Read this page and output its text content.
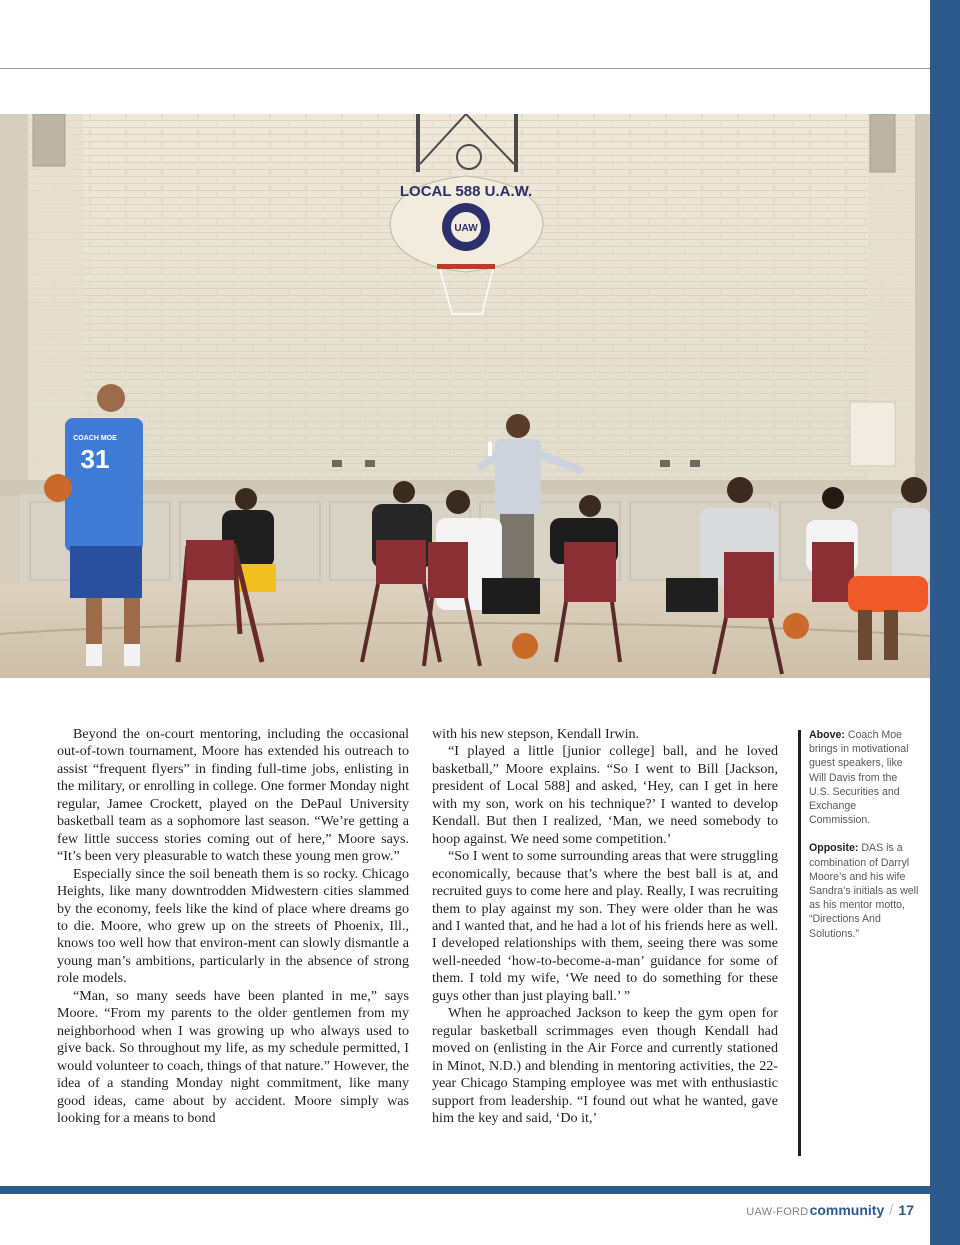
UAW
LOCAL 588 U.A.W.
31
COACH MOE

Beyond the on-court mentoring, including the occasional out-of-town tournament, Moore has extended his outreach to assist “frequent flyers” in finding full-time jobs, enlisting in the military, or enrolling in college. One former Monday night regular, Jamee Crockett, played on the DePaul University basketball team as a sophomore last season. “We’re getting a few little success stories coming out of here,” Moore says. “It’s been very pleasurable to watch these young men grow.”

Especially since the soil beneath them is so rocky. Chicago Heights, like many downtrodden Midwestern cities slammed by the economy, feels like the kind of place where dreams go to die. Moore, who grew up on the streets of Phoenix, Ill., knows too well how that environ-ment can slowly dismantle a young man’s ambitions, particularly in the absence of strong role models.

“Man, so many seeds have been planted in me,” says Moore. “From my parents to the older gentlemen from my neighborhood when I was growing up who always used to give back. So throughout my life, as my schedule permitted, I would volunteer to coach, things of that nature.” However, the idea of a standing Monday night commitment, like many good ideas, came about by accident. Moore simply was looking for a means to bond

with his new stepson, Kendall Irwin.

“I played a little [junior college] ball, and he loved basketball,” Moore explains. “So I went to Bill [Jackson, president of Local 588] and asked, ‘Hey, can I get in here with my son, work on his technique?’ I wanted to develop Kendall. But then I realized, ‘Man, we need somebody to hoop against. We need some competition.’

“So I went to some surrounding areas that were struggling economically, because that’s where the best ball is at, and recruited guys to come here and play. Really, I was recruiting them to play against my son. They were older than he was and I wanted that, and he had a lot of his friends here as well. I developed relationships with them, seeing there was some well-needed ‘how-to-become-a-man’ guidance for some of them. I told my wife, ‘We need to do something for these guys other than just playing ball.’ ”

When he approached Jackson to keep the gym open for regular basketball scrimmages even though Kendall had moved on (enlisting in the Air Force and currently stationed in Minot, N.D.) and blending in mentoring activities, the 22-year Chicago Stamping employee was met with enthusiastic support from leadership. “I found out what he wanted, gave him the key and said, ‘Do it,’

Above: Coach Moe brings in motivational guest speakers, like Will Davis from the U.S. Securities and Exchange Commission.

Opposite: DAS is a combination of Darryl Moore’s and his wife Sandra’s initials as well as his mentor motto, “Directions And Solutions.”

UAW-FORD community / 17
